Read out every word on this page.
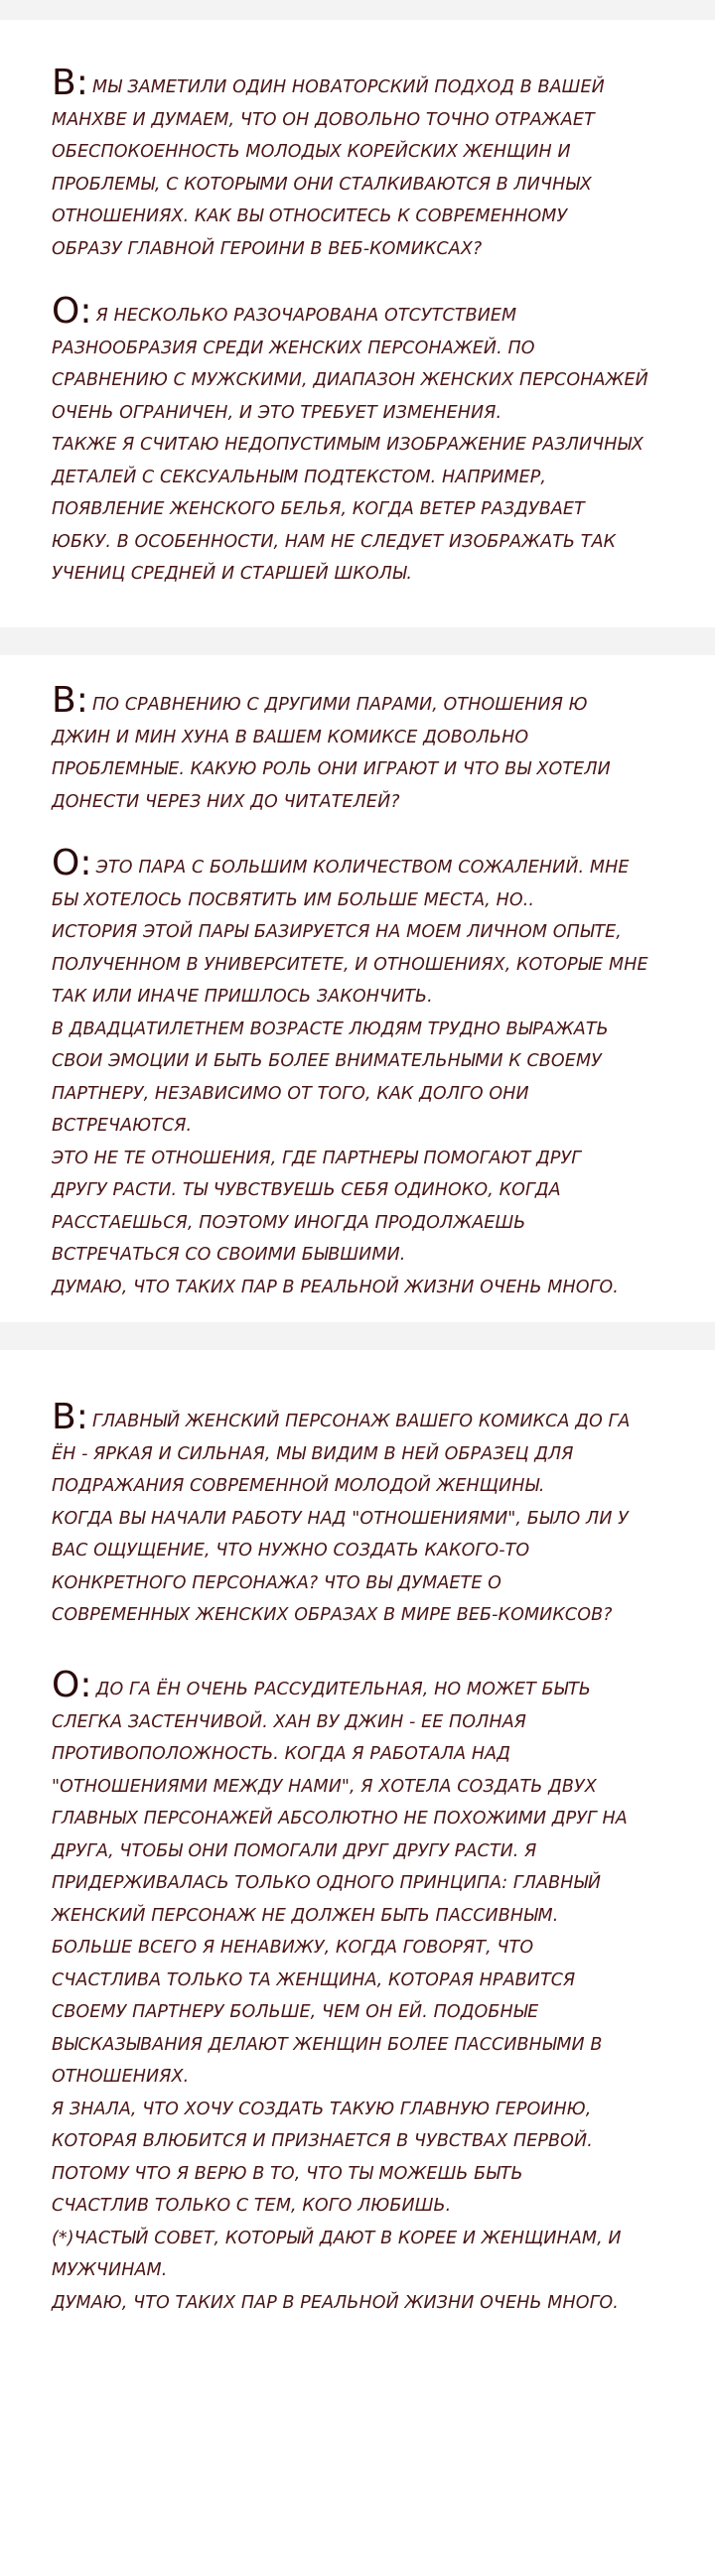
В: МЫ ЗАМЕТИЛИ ОДИН НОВАТОРСКИЙ ПОДХОД В ВАШЕЙ
МАНХВЕ И ДУМАЕМ, ЧТО ОН ДОВОЛЬНО ТОЧНО ОТРАЖАЕТ
ОБЕСПОКОЕННОСТЬ МОЛОДЫХ КОРЕЙСКИХ ЖЕНЩИН И
ПРОБЛЕМЫ, С КОТОРЫМИ ОНИ СТАЛКИВАЮТСЯ В ЛИЧНЫХ
ОТНОШЕНИЯХ. КАК ВЫ ОТНОСИТЕСЬ К СОВРЕМЕННОМУ
ОБРАЗУ ГЛАВНОЙ ГЕРОИНИ В ВЕБ-КОМИКСАХ?
О: Я НЕСКОЛЬКО РАЗОЧАРОВАНА ОТСУТСТВИЕМ
РАЗНООБРАЗИЯ СРЕДИ ЖЕНСКИХ ПЕРСОНАЖЕЙ. ПО
СРАВНЕНИЮ С МУЖСКИМИ, ДИАПАЗОН ЖЕНСКИХ ПЕРСОНАЖЕЙ
ОЧЕНЬ ОГРАНИЧЕН, И ЭТО ТРЕБУЕТ ИЗМЕНЕНИЯ.
ТАКЖЕ Я СЧИТАЮ НЕДОПУСТИМЫМ ИЗОБРАЖЕНИЕ РАЗЛИЧНЫХ
ДЕТАЛЕЙ С СЕКСУАЛЬНЫМ ПОДТЕКСТОМ. НАПРИМЕР,
ПОЯВЛЕНИЕ ЖЕНСКОГО БЕЛЬЯ, КОГДА ВЕТЕР РАЗДУВАЕТ
ЮБКУ. В ОСОБЕННОСТИ, НАМ НЕ СЛЕДУЕТ ИЗОБРАЖАТЬ ТАК
УЧЕНИЦ СРЕДНЕЙ И СТАРШЕЙ ШКОЛЫ.
В: ПО СРАВНЕНИЮ С ДРУГИМИ ПАРАМИ, ОТНОШЕНИЯ Ю
ДЖИН И МИН ХУНА В ВАШЕМ КОМИКСЕ ДОВОЛЬНО
ПРОБЛЕМНЫЕ. КАКУЮ РОЛЬ ОНИ ИГРАЮТ И ЧТО ВЫ ХОТЕЛИ
ДОНЕСТИ ЧЕРЕЗ НИХ ДО ЧИТАТЕЛЕЙ?
О: ЭТО ПАРА С БОЛЬШИМ КОЛИЧЕСТВОМ СОЖАЛЕНИЙ. МНЕ
БЫ ХОТЕЛОСЬ ПОСВЯТИТЬ ИМ БОЛЬШЕ МЕСТА, НО..
ИСТОРИЯ ЭТОЙ ПАРЫ БАЗИРУЕТСЯ НА МОЕМ ЛИЧНОМ ОПЫТЕ,
ПОЛУЧЕННОМ В УНИВЕРСИТЕТЕ, И ОТНОШЕНИЯХ, КОТОРЫЕ МНЕ
ТАК ИЛИ ИНАЧЕ ПРИШЛОСЬ ЗАКОНЧИТЬ.
В ДВАДЦАТИЛЕТНЕМ ВОЗРАСТЕ ЛЮДЯМ ТРУДНО ВЫРАЖАТЬ
СВОИ ЭМОЦИИ И БЫТЬ БОЛЕЕ ВНИМАТЕЛЬНЫМИ К СВОЕМУ
ПАРТНЕРУ, НЕЗАВИСИМО ОТ ТОГО, КАК ДОЛГО ОНИ
ВСТРЕЧАЮТСЯ.
ЭТО НЕ ТЕ ОТНОШЕНИЯ, ГДЕ ПАРТНЕРЫ ПОМОГАЮТ ДРУГ
ДРУГУ РАСТИ. ТЫ ЧУВСТВУЕШЬ СЕБЯ ОДИНОКО, КОГДА
РАССТАЕШЬСЯ, ПОЭТОМУ ИНОГДА ПРОДОЛЖАЕШЬ
ВСТРЕЧАТЬСЯ СО СВОИМИ БЫВШИМИ.
ДУМАЮ, ЧТО ТАКИХ ПАР В РЕАЛЬНОЙ ЖИЗНИ ОЧЕНЬ МНОГО.
В: ГЛАВНЫЙ ЖЕНСКИЙ ПЕРСОНАЖ ВАШЕГО КОМИКСА ДО ГА
ЁН - ЯРКАЯ И СИЛЬНАЯ, МЫ ВИДИМ В НЕЙ ОБРАЗЕЦ ДЛЯ
ПОДРАЖАНИЯ СОВРЕМЕННОЙ МОЛОДОЙ ЖЕНЩИНЫ.
КОГДА ВЫ НАЧАЛИ РАБОТУ НАД "ОТНОШЕНИЯМИ", БЫЛО ЛИ У
ВАС ОЩУЩЕНИЕ, ЧТО НУЖНО СОЗДАТЬ КАКОГО-ТО
КОНКРЕТНОГО ПЕРСОНАЖА? ЧТО ВЫ ДУМАЕТЕ О
СОВРЕМЕННЫХ ЖЕНСКИХ ОБРАЗАХ В МИРЕ ВЕБ-КОМИКСОВ?
О: ДО ГА ЁН ОЧЕНЬ РАССУДИТЕЛЬНАЯ, НО МОЖЕТ БЫТЬ
СЛЕГКА ЗАСТЕНЧИВОЙ. ХАН ВУ ДЖИН - ЕЕ ПОЛНАЯ
ПРОТИВОПОЛОЖНОСТЬ. КОГДА Я РАБОТАЛА НАД
"ОТНОШЕНИЯМИ МЕЖДУ НАМИ", Я ХОТЕЛА СОЗДАТЬ ДВУХ
ГЛАВНЫХ ПЕРСОНАЖЕЙ АБСОЛЮТНО НЕ ПОХОЖИМИ ДРУГ НА
ДРУГА, ЧТОБЫ ОНИ ПОМОГАЛИ ДРУГ ДРУГУ РАСТИ. Я
ПРИДЕРЖИВАЛАСЬ ТОЛЬКО ОДНОГО ПРИНЦИПА: ГЛАВНЫЙ
ЖЕНСКИЙ ПЕРСОНАЖ НЕ ДОЛЖЕН БЫТЬ ПАССИВНЫМ.
БОЛЬШЕ ВСЕГО Я НЕНАВИЖУ, КОГДА ГОВОРЯТ, ЧТО
СЧАСТЛИВА ТОЛЬКО ТА ЖЕНЩИНА, КОТОРАЯ НРАВИТСЯ
СВОЕМУ ПАРТНЕРУ БОЛЬШЕ, ЧЕМ ОН ЕЙ. ПОДОБНЫЕ
ВЫСКАЗЫВАНИЯ ДЕЛАЮТ ЖЕНЩИН БОЛЕЕ ПАССИВНЫМИ В
ОТНОШЕНИЯХ.
Я ЗНАЛА, ЧТО ХОЧУ СОЗДАТЬ ТАКУЮ ГЛАВНУЮ ГЕРОИНЮ,
КОТОРАЯ ВЛЮБИТСЯ И ПРИЗНАЕТСЯ В ЧУВСТВАХ ПЕРВОЙ.
ПОТОМУ ЧТО Я ВЕРЮ В ТО, ЧТО ТЫ МОЖЕШЬ БЫТЬ
СЧАСТЛИВ ТОЛЬКО С ТЕМ, КОГО ЛЮБИШЬ.
(*)ЧАСТЫЙ СОВЕТ, КОТОРЫЙ ДАЮТ В КОРЕЕ И ЖЕНЩИНАМ, И
МУЖЧИНАМ.
ДУМАЮ, ЧТО ТАКИХ ПАР В РЕАЛЬНОЙ ЖИЗНИ ОЧЕНЬ МНОГО.
